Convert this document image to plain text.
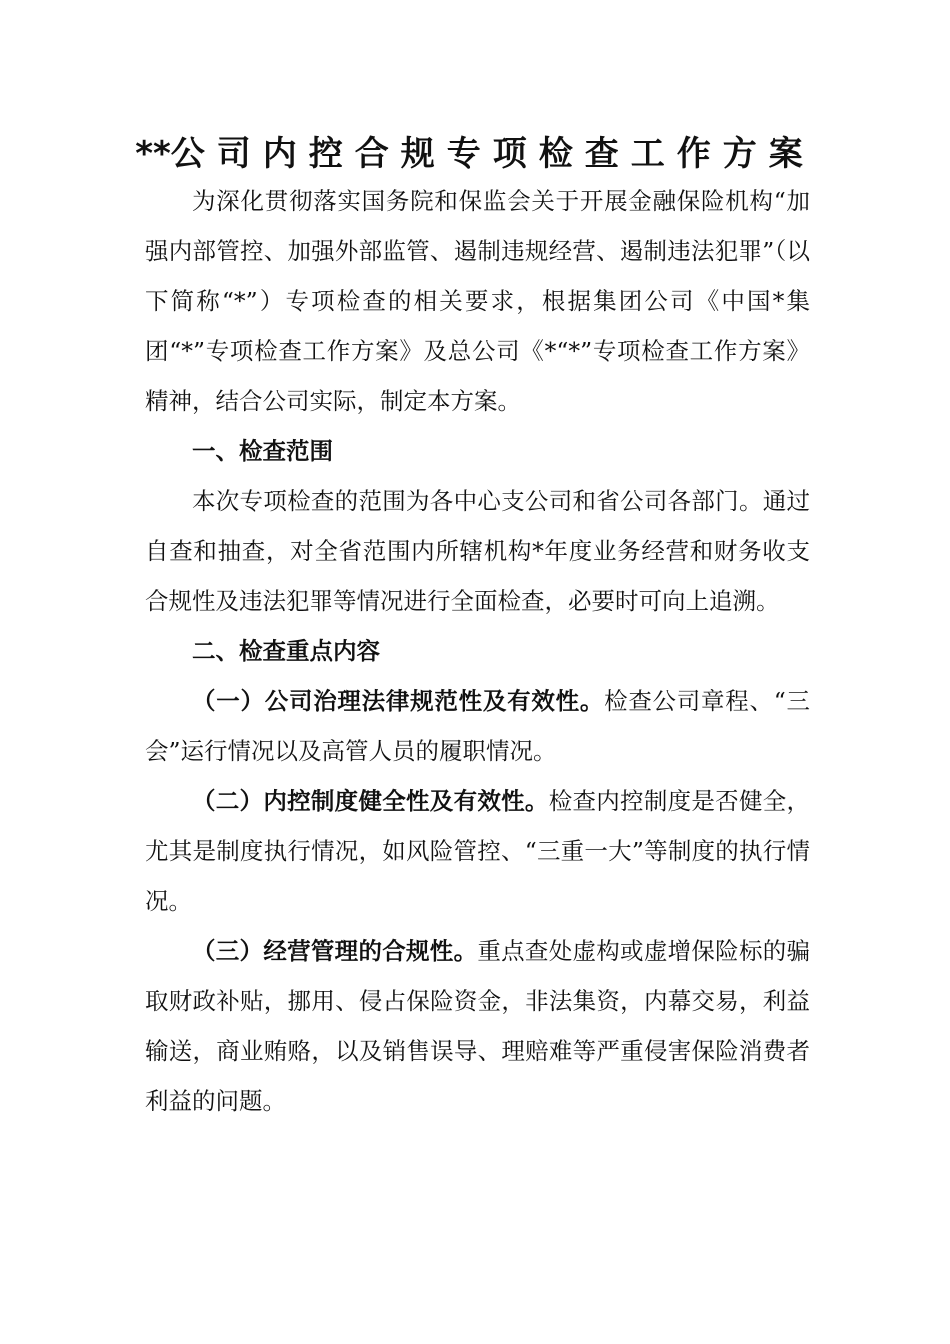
**公司内控合规专项检查工作方案

为深化贯彻落实国务院和保监会关于开展金融保险机构“加强内部管控、加强外部监管、遏制违规经营、遏制违法犯罪”（以下简称“*”）专项检查的相关要求，根据集团公司《中国*集团“*”专项检查工作方案》及总公司《*“*”专项检查工作方案》精神，结合公司实际，制定本方案。

一、检查范围

本次专项检查的范围为各中心支公司和省公司各部门。通过自查和抽查，对全省范围内所辖机构*年度业务经营和财务收支合规性及违法犯罪等情况进行全面检查，必要时可向上追溯。

二、检查重点内容

（一）公司治理法律规范性及有效性。检查公司章程、“三会”运行情况以及高管人员的履职情况。

（二）内控制度健全性及有效性。检查内控制度是否健全，尤其是制度执行情况，如风险管控、“三重一大”等制度的执行情况。

（三）经营管理的合规性。重点查处虚构或虚增保险标的骗取财政补贴，挪用、侵占保险资金，非法集资，内幕交易，利益输送，商业贿赂，以及销售误导、理赔难等严重侵害保险消费者利益的问题。
